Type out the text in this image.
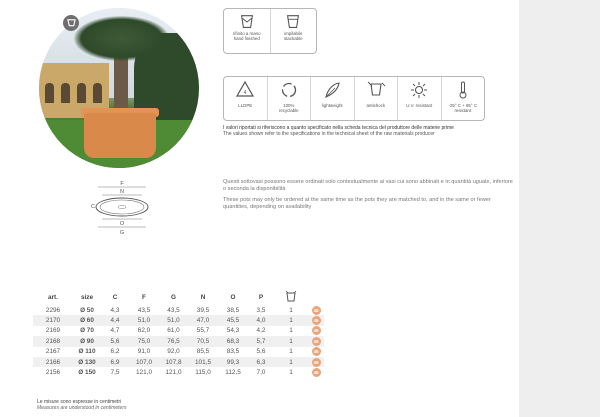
rifinito a mano
hand finished
impilabile
stackable
4
LLDPE	100%
recyclable
lightweight	antishock	U.V. resistant	-25° C + 85° C
resistant
I valori riportati si riferiscono a quanto specificato nella scheda tecnica del produttore delle materie prime
The values shown refer to the specifications in the technical sheet of the raw materials producer
F
N
C
O
G

Questi sottovasi possono essere ordinati solo contestualmente ai vasi cui sono abbinati e in quantità uguale, inferiore o seconda la disponibilità

These pots may only be ordered at the same time as the pots they are matched to, and in the same or fewer quantities, depending on availability

art.	size	C	F	G	N	O	P		
2296	Ø 50	4,3	43,5	43,5	39,5	38,5	3,5	1	45
2170	Ø 60	4,4	51,0	51,0	47,0	45,5	4,0	1	45
2169	Ø 70	4,7	62,0	61,0	55,7	54,3	4,2	1	45
2168	Ø 90	5,6	75,0	76,5	70,5	68,3	5,7	1	45
2167	Ø 110	6,2	91,0	92,0	85,5	83,5	5,6	1	45
2166	Ø 130	6,9	107,0	107,8	101,5	99,3	6,3	1	45
2156	Ø 150	7,5	121,0	121,0	115,0	112,5	7,0	1	45
Le misure sono espresse in centimetri
Measures are understood in centimeters
